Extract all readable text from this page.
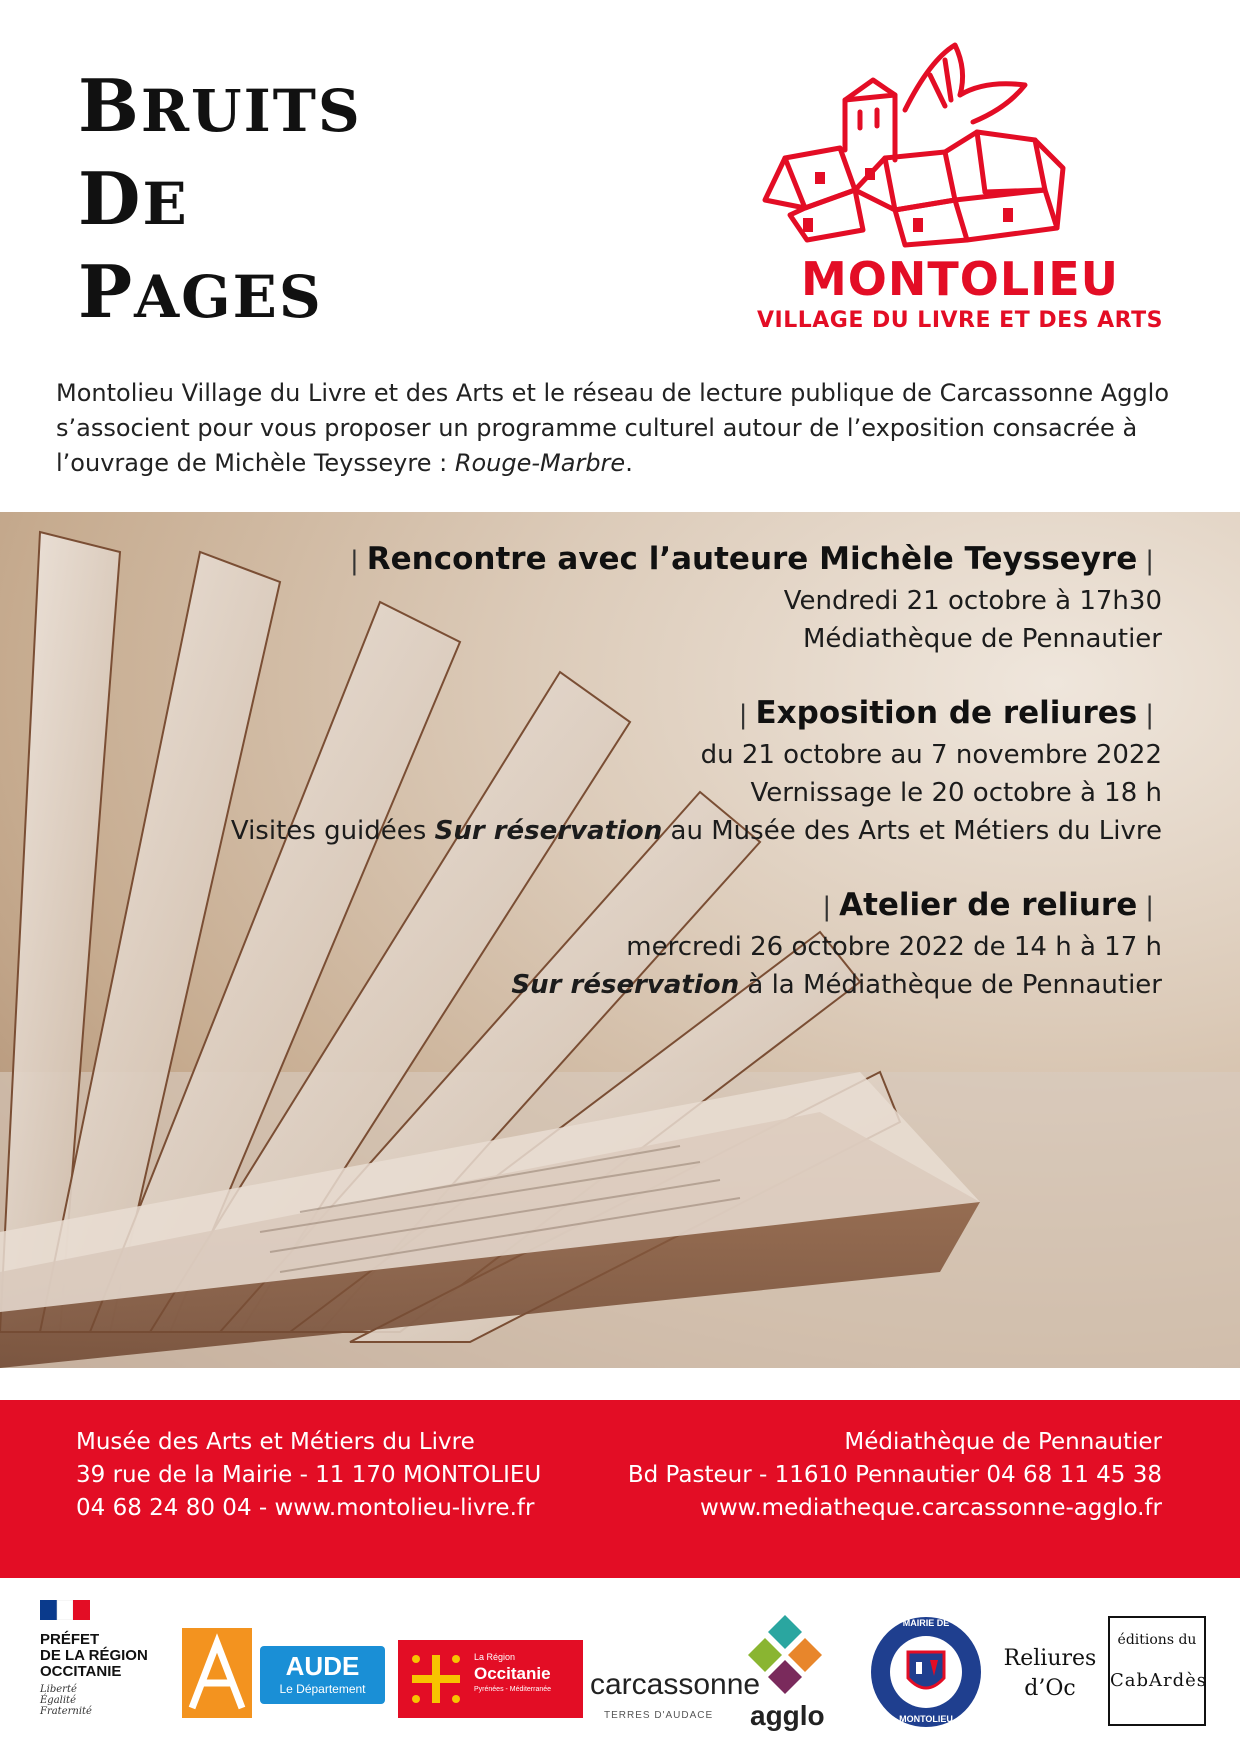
BRUITS
DE
PAGES	MONTOLIEU
VILLAGE DU LIVRE ET DES ARTS
Montolieu Village du Livre et des Arts et le réseau de lecture publique de Carcassonne Agglo s’associent pour vous proposer un programme culturel autour de l’exposition consacrée à l’ouvrage de Michèle Teysseyre : Rouge-Marbre.
| Rencontre avec l’auteure Michèle Teysseyre |
Vendredi 21 octobre à 17h30
Médiathèque de Pennautier
| Exposition de reliures |
du 21 octobre au 7 novembre 2022
Vernissage le 20 octobre à 18 h
Visites guidées Sur réservation au Musée des Arts et Métiers du Livre
| Atelier de reliure |
mercredi 26 octobre 2022 de 14 h à 17 h
Sur réservation à la Médiathèque de Pennautier
Musée des Arts et Métiers du Livre
39 rue de la Mairie - 11 170 MONTOLIEU
04 68 24 80 04 - www.montolieu-livre.fr
Médiathèque de Pennautier
Bd Pasteur - 11610 Pennautier 04 68 11 45 38
www.mediatheque.carcassonne-agglo.fr
PRÉFET
DE LA RÉGION
OCCITANIE
Liberté
Égalité
Fraternité
AUDE
Le Département
La Région
Occitanie
Pyrénées - Méditerranée carcassonne
TERRES D'AUDACE agglo
MAIRIE DE
MONTOLIEU
Reliures
d’Oc
éditions du
CabArdès
